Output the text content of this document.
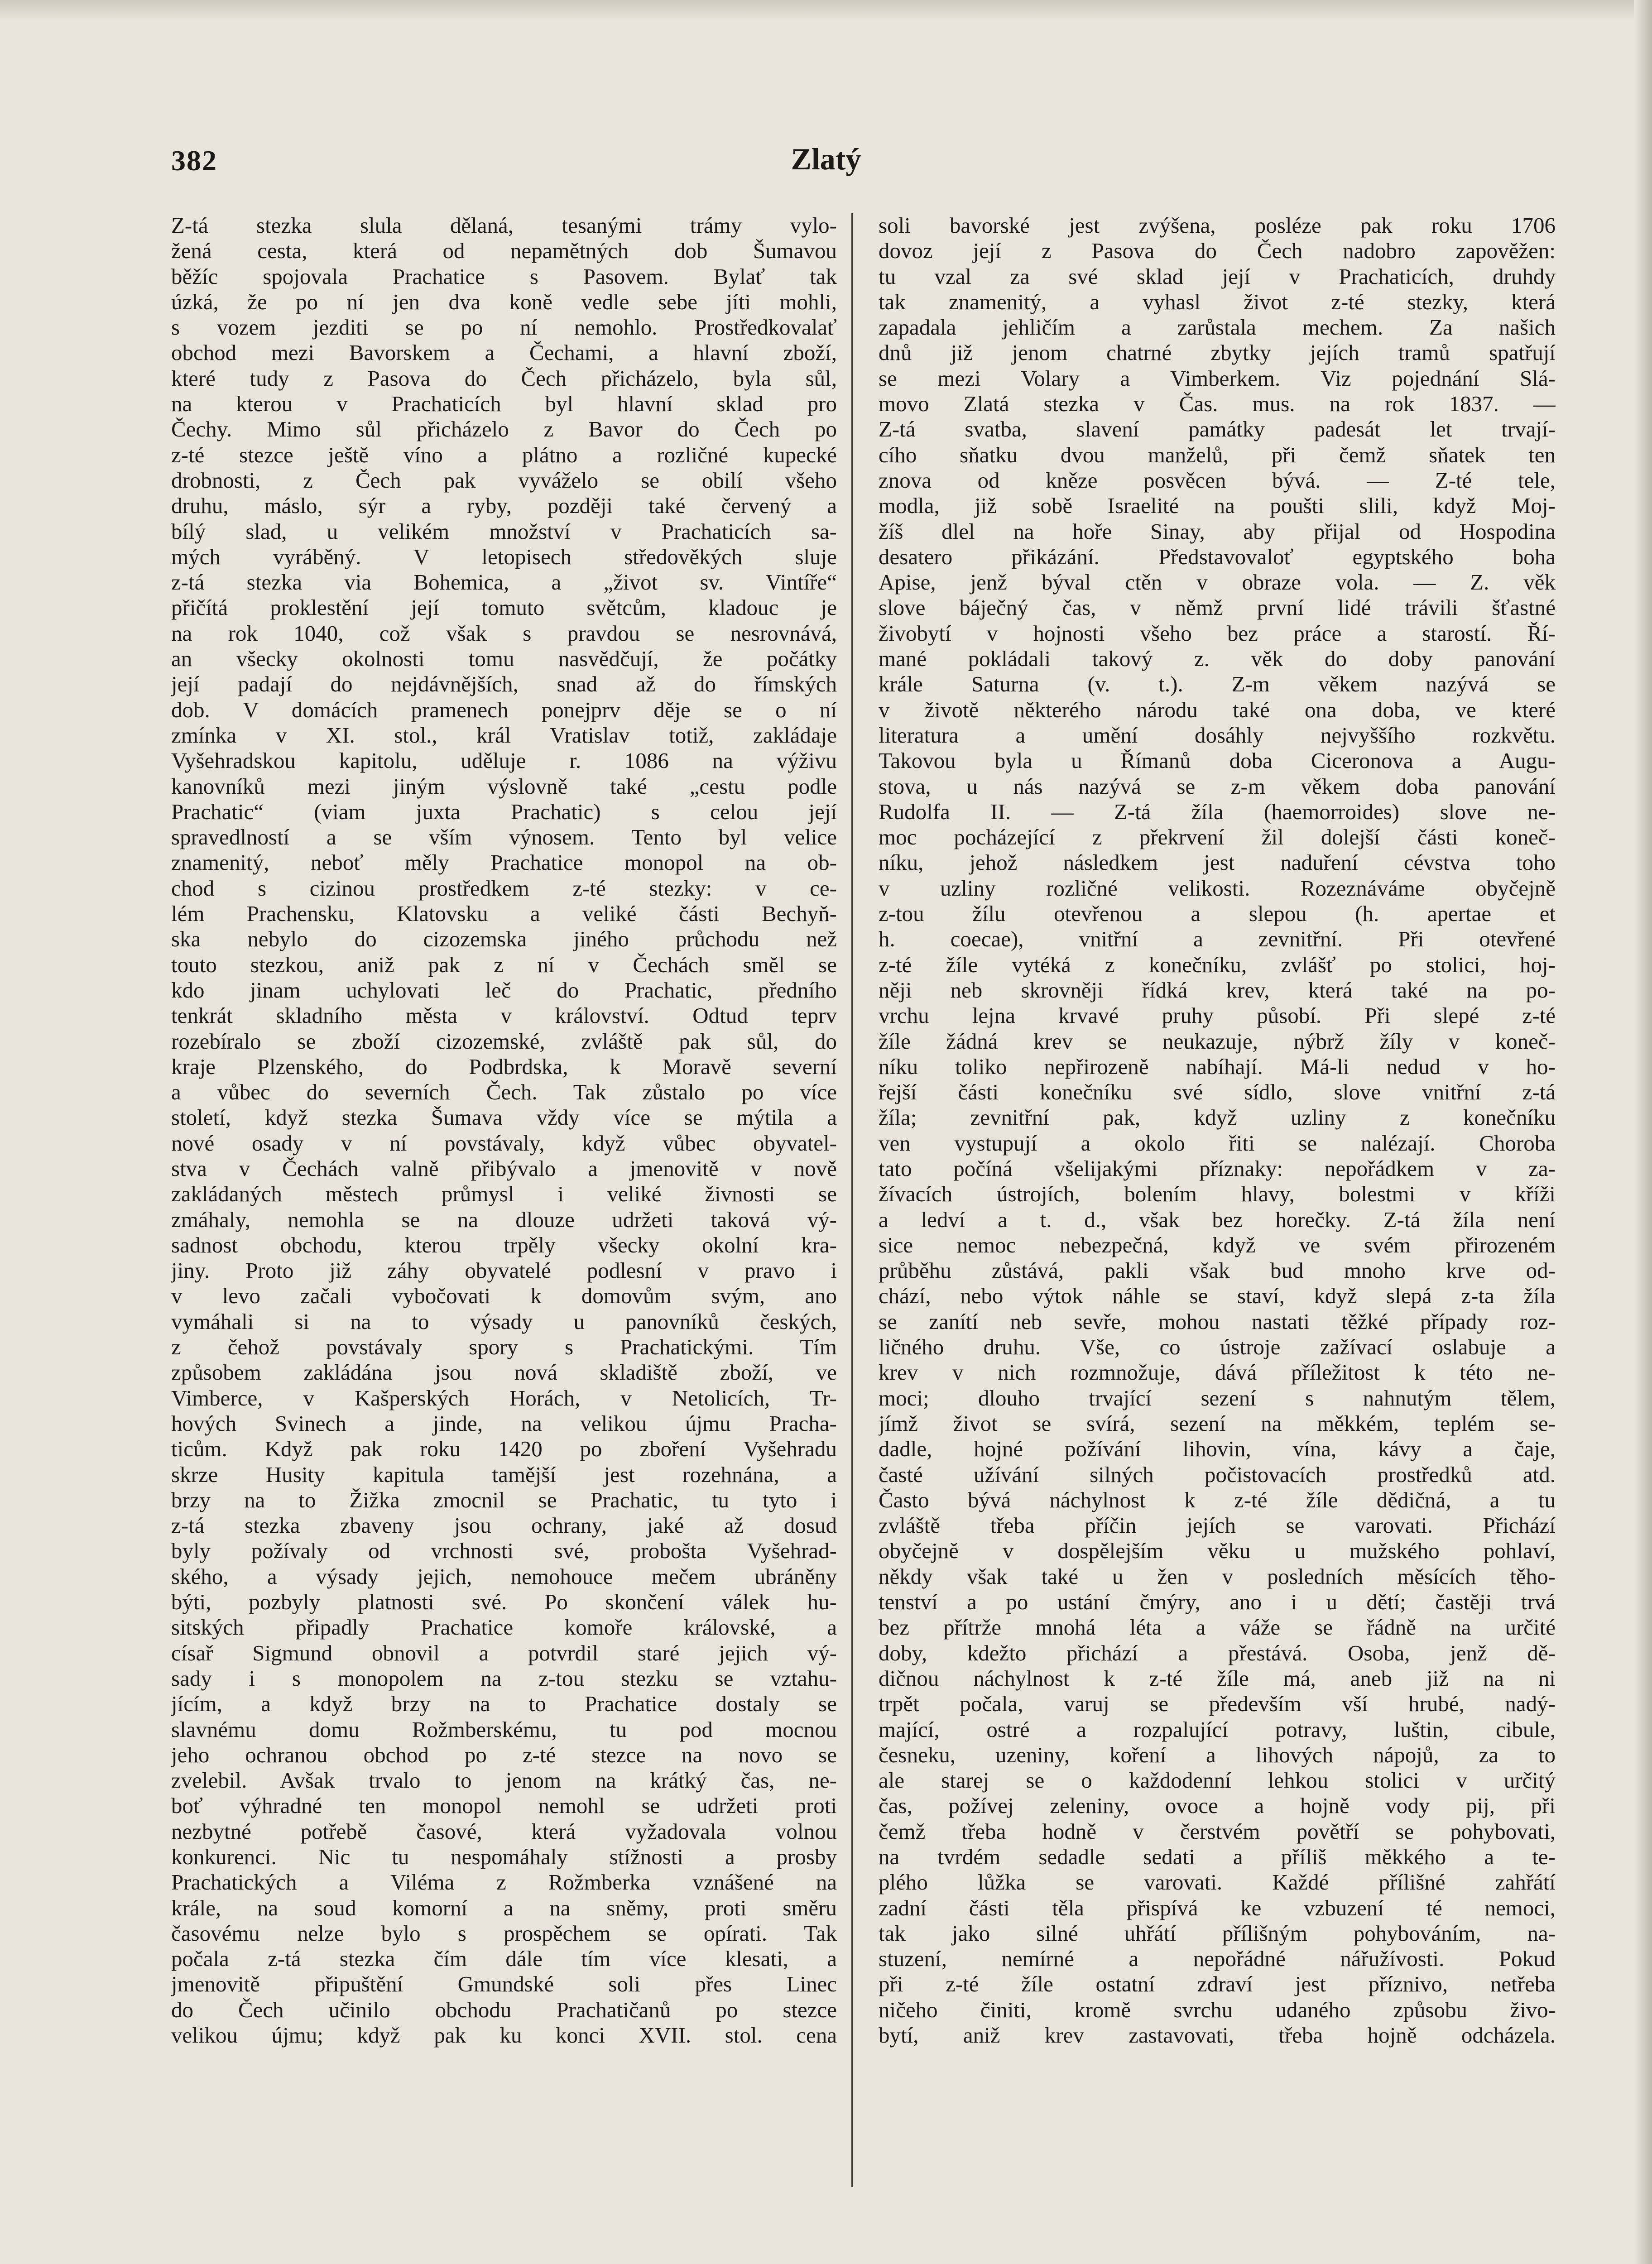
382	Zlatý
Z-tá stezka slula dělaná, tesanými trámy vylo-
žená cesta, která od nepamětných dob Šumavou
běžíc spojovala Prachatice s Pasovem. Bylať tak
úzká, že po ní jen dva koně vedle sebe jíti mohli,
s vozem jezditi se po ní nemohlo. Prostředkovalať
obchod mezi Bavorskem a Čechami, a hlavní zboží,
které tudy z Pasova do Čech přicházelo, byla sůl,
na kterou v Prachaticích byl hlavní sklad pro
Čechy. Mimo sůl přicházelo z Bavor do Čech po
z-té stezce ještě víno a plátno a rozličné kupecké
drobnosti, z Čech pak vyváželo se obilí všeho
druhu, máslo, sýr a ryby, později také červený a
bílý slad, u velikém množství v Prachaticích sa-
mých vyráběný. V letopisech středověkých sluje
z-tá stezka via Bohemica, a „život sv. Vintíře“
přičítá proklestění její tomuto světcům, kladouc je
na rok 1040, což však s pravdou se nesrovnává,
an všecky okolnosti tomu nasvědčují, že počátky
její padají do nejdávnějších, snad až do římských
dob. V domácích pramenech ponejprv děje se o ní
zmínka v XI. stol., král Vratislav totiž, zakládaje
Vyšehradskou kapitolu, uděluje r. 1086 na výživu
kanovníků mezi jiným výslovně také „cestu podle
Prachatic“ (viam juxta Prachatic) s celou její
spravedlností a se vším výnosem. Tento byl velice
znamenitý, neboť měly Prachatice monopol na ob-
chod s cizinou prostředkem z-té stezky: v ce-
lém Prachensku, Klatovsku a veliké části Bechyň-
ska nebylo do cizozemska jiného průchodu než
touto stezkou, aniž pak z ní v Čechách směl se
kdo jinam uchylovati leč do Prachatic, předního
tenkrát skladního města v království. Odtud teprv
rozebíralo se zboží cizozemské, zvláště pak sůl, do
kraje Plzenského, do Podbrdska, k Moravě severní
a vůbec do severních Čech. Tak zůstalo po více
století, když stezka Šumava vždy více se mýtila a
nové osady v ní povstávaly, když vůbec obyvatel-
stva v Čechách valně přibývalo a jmenovitě v nově
zakládaných městech průmysl i veliké živnosti se
zmáhaly, nemohla se na dlouze udržeti taková vý-
sadnost obchodu, kterou trpěly všecky okolní kra-
jiny. Proto již záhy obyvatelé podlesní v pravo i
v levo začali vybočovati k domovům svým, ano
vymáhali si na to výsady u panovníků českých,
z čehož povstávaly spory s Prachatickými. Tím
způsobem zakládána jsou nová skladiště zboží, ve
Vimberce, v Kašperských Horách, v Netolicích, Tr-
hových Svinech a jinde, na velikou újmu Pracha-
ticům. Když pak roku 1420 po zboření Vyšehradu
skrze Husity kapitula tamější jest rozehnána, a
brzy na to Žižka zmocnil se Prachatic, tu tyto i
z-tá stezka zbaveny jsou ochrany, jaké až dosud
byly požívaly od vrchnosti své, proboštа Vyšehrad-
ského, a výsady jejich, nemohouce mečem ubráněny
býti, pozbyly platnosti své. Po skončení válek hu-
sitských připadly Prachatice komoře královské, a
císař Sigmund obnovil a potvrdil staré jejich vý-
sady i s monopolem na z-tou stezku se vztahu-
jícím, a když brzy na to Prachatice dostaly se
slavnému domu Rožmberskému, tu pod mocnou
jeho ochranou obchod po z-té stezce na novo se
zvelebil. Avšak trvalo to jenom na krátký čas, ne-
boť výhradné ten monopol nemohl se udržeti proti
nezbytné potřebě časové, která vyžadovala volnou
konkurenci. Nic tu nespomáhaly stížnosti a prosby
Prachatických a Viléma z Rožmberka vznášené na
krále, na soud komorní a na sněmy, proti směru
časovému nelze bylo s prospěchem se opírati. Tak
počala z-tá stezka čím dále tím více klesati, a
jmenovitě připuštění Gmundské soli přes Linec
do Čech učinilo obchodu Prachatičanů po stezce
velikou újmu; když pak ku konci XVII. stol. cena
soli bavorské jest zvýšena, posléze pak roku 1706
dovoz její z Pasova do Čech nadobro zapověžen:
tu vzal za své sklad její v Prachaticích, druhdy
tak znamenitý, a vyhasl život z-té stezky, která
zapadala jehličím a zarůstala mechem. Za našich
dnů již jenom chatrné zbytky jejích tramů spatřují
se mezi Volary a Vimberkem. Viz pojednání Slá-
movo Zlatá stezka v Čas. mus. na rok 1837. —
Z-tá svatba, slavení památky padesát let trvají-
cího sňatku dvou manželů, při čemž sňatek ten
znova od kněze posvěcen bývá. — Z-té tele,
modla, již sobě Israelité na poušti slili, když Moj-
žíš dlel na hoře Sinay, aby přijal od Hospodina
desatero přikázání. Představovaloť egyptského boha
Apise, jenž býval ctěn v obraze vola. — Z. věk
slove báječný čas, v němž první lidé trávili šťastné
živobytí v hojnosti všeho bez práce a starostí. Ří-
mané pokládali takový z. věk do doby panování
krále Saturna (v. t.). Z-m věkem nazývá se
v životě některého národu také ona doba, ve které
literatura a umění dosáhly nejvyššího rozkvětu.
Takovou byla u Římanů doba Ciceronova a Augu-
stova, u nás nazývá se z-m věkem doba panování
Rudolfa II. — Z-tá žíla (haemorroides) slove ne-
moc pocházející z překrvení žil dolejší části koneč-
níku, jehož následkem jest naduření cévstva toho
v uzliny rozličné velikosti. Rozeznáváme obyčejně
z-tou žílu otevřenou a slepou (h. apertae et
h. coecae), vnitřní a zevnitřní. Při otevřené
z-té žíle vytéká z konečníku, zvlášť po stolici, hoj-
něji neb skrovněji řídká krev, která také na po-
vrchu lejna krvavé pruhy působí. Při slepé z-té
žíle žádná krev se neukazuje, nýbrž žíly v koneč-
níku toliko nepřirozeně nabíhají. Má-li nedud v ho-
řejší části konečníku své sídlo, slove vnitřní z-tá
žíla; zevnitřní pak, když uzliny z konečníku
ven vystupují a okolo řiti se nalézají. Choroba
tato počíná všelijakými příznaky: nepořádkem v za-
žívacích ústrojích, bolením hlavy, bolestmi v kříži
a ledví a t. d., však bez horečky. Z-tá žíla není
sice nemoc nebezpečná, když ve svém přirozeném
průběhu zůstává, pakli však bud mnoho krve od-
chází, nebo výtok náhle se staví, když slepá z-ta žíla
se zanítí neb sevře, mohou nastati těžké případy roz-
ličného druhu. Vše, co ústroje zažívací oslabuje a
krev v nich rozmnožuje, dává příležitost k této ne-
moci; dlouho trvající sezení s nahnutým tělem,
jímž život se svírá, sezení na měkkém, teplém se-
dadle, hojné požívání lihovin, vína, kávy a čaje,
časté užívání silných počistovacích prostředků atd.
Často bývá náchylnost k z-té žíle dědičná, a tu
zvláště třeba příčin jejích se varovati. Přichází
obyčejně v dospělejším věku u mužského pohlaví,
někdy však také u žen v posledních měsících těho-
tenství a po ustání čmýry, ano i u dětí; častěji trvá
bez přítrže mnohá léta a váže se řádně na určité
doby, kdežto přichází a přestává. Osoba, jenž dě-
dičnou náchylnost k z-té žíle má, aneb již na ni
trpět počala, varuj se především vší hrubé, nadý-
mající, ostré a rozpalující potravy, luštin, cibule,
česneku, uzeniny, koření a lihových nápojů, za to
ale starej se o každodenní lehkou stolici v určitý
čas, požívej zeleniny, ovoce a hojně vody pij, při
čemž třeba hodně v čerstvém povětří se pohybovati,
na tvrdém sedadle sedati a příliš měkkého a te-
plého lůžka se varovati. Každé přílišné zahřátí
zadní části těla přispívá ke vzbuzení té nemoci,
tak jako silné uhřátí přílišným pohybováním, na-
stuzení, nemírné a nepořádné nářužívosti. Pokud
při z-té žíle ostatní zdraví jest příznivo, netřeba
ničeho činiti, kromě svrchu udaného způsobu živo-
bytí, aniž krev zastavovati, třeba hojně odcházela.
